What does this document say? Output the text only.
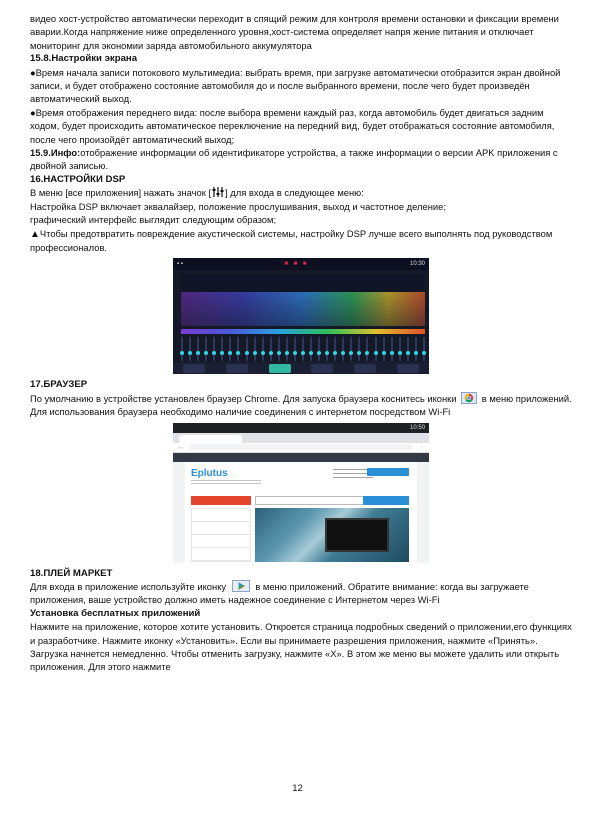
видео хост-устройство автоматически переходит в спящий режим для контроля времени остановки и фиксации времени аварии.Когда напряжение ниже определенного уровня,хост-система определяет напря жение питания и отключает мониторинг для экономии заряда автомобильного аккумулятора

15.8.Настройки экрана

●Время начала записи потокового мультимедиа: выбрать время, при загрузке автоматически отобразится экран двойной записи, и будет отображено состояние автомобиля до и после выбранного времени, после чего будет произведён автоматический выход.

●Время отображения переднего вида: после выбора времени каждый раз, когда автомобиль будет двигаться задним ходом, будет происходить автоматическое переключение на передний вид, будет отображаться состояние автомобиля, после чего произойдёт автоматический выход;

15.9.Инфо:отображение информации об идентификаторе устройства, а также информации о версии APK приложения с двойной записью.

16.НАСТРОЙКИ DSP

В меню [все приложения] нажать значок [ ] для входа в следующее меню:

Настройка DSP включает эквалайзер, положение прослушивания, выход и частотное деление;

графический интерфейс выглядит следующим образом;

▲Чтобы предотвратить повреждение акустической системы, настройку DSP лучше всего выполнять под руководством профессионалов.

▪ ▪	■ ■ ■	10:30
17.БРАУЗЕР

По умолчанию в устройстве установлен браузер Chrome. Для запуска браузера коснитесь иконки	в меню приложений. Для использования браузера необходимо наличие соединения с интернетом посредством Wi-Fi

10:50
‹ ›	⋮
Eplutus
18.ПЛЕЙ МАРКЕТ

Для входа в приложение используйте иконку	в меню приложений. Обратите внимание: когда вы загружаете приложения, ваше устройство должно иметь надежное соединение с Интернетом через Wi-Fi

Установка бесплатных приложений

Нажмите на приложение, которое хотите установить. Откроется страница подробных сведений о приложении,его функциях и разработчике. Нажмите иконку «Установить». Если вы принимаете разрешения приложения, нажмите «Принять». Загрузка начнется немедленно. Чтобы отменить загрузку, нажмите «X». В этом же меню вы можете удалить или открыть приложения. Для этого нажмите

12
